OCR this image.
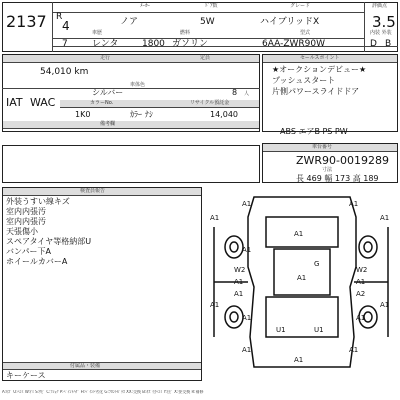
2137
ﾒｰｶｰ	ﾄﾞｱ数	グレード	評価点
R
4	ノア	5W	ハイブリッドX	3.5
車歴	燃料	型式	内装 外装
7	レンタ	1800 ガソリン	6AA-ZWR90W	D B
走行	定員
54,010 km
車体色
IAT WAC
シルバー	8 人
カラーNo.	リサイクル預託金
1K0	ｶﾗｰ ﾅｼ	14,040
備考欄
セールスポイント
★オークションデビュー★
プッシュスタート
片側パワースライドドア
ABS エアB PS PW
車台番号
ZWR90-0019289
寸法
長 469 幅 173 高 189
検査員報告
外装うすい線キズ
室内内張汚
室内内張汚
天張傷小
スペアタイヤ等格納部U
バンパー下A
ホイールカバーA
付属品・装備
キーケース
A1	A1
A1	A1
A1
A1
G
W2
A1	A1	A1
W2
A1	A2
A1
U1	U1
A1
A1	A1
A1	A1
A1
A:ｷｽﾞ U:ﾍｺﾐ W:ﾅﾐ S:ｻﾋﾞ C:ﾌｼｮｸ P:ﾍﾟｲﾝﾄﾊｹﾞ H:ﾍﾟｲﾝﾄ劣化 G:ﾌﾛﾝﾄｶﾞﾗｽ XX:交換 B:ｷｽﾞ付ﾍｺﾐ Y:ﾋﾋﾞ X:要交換 R:補修
